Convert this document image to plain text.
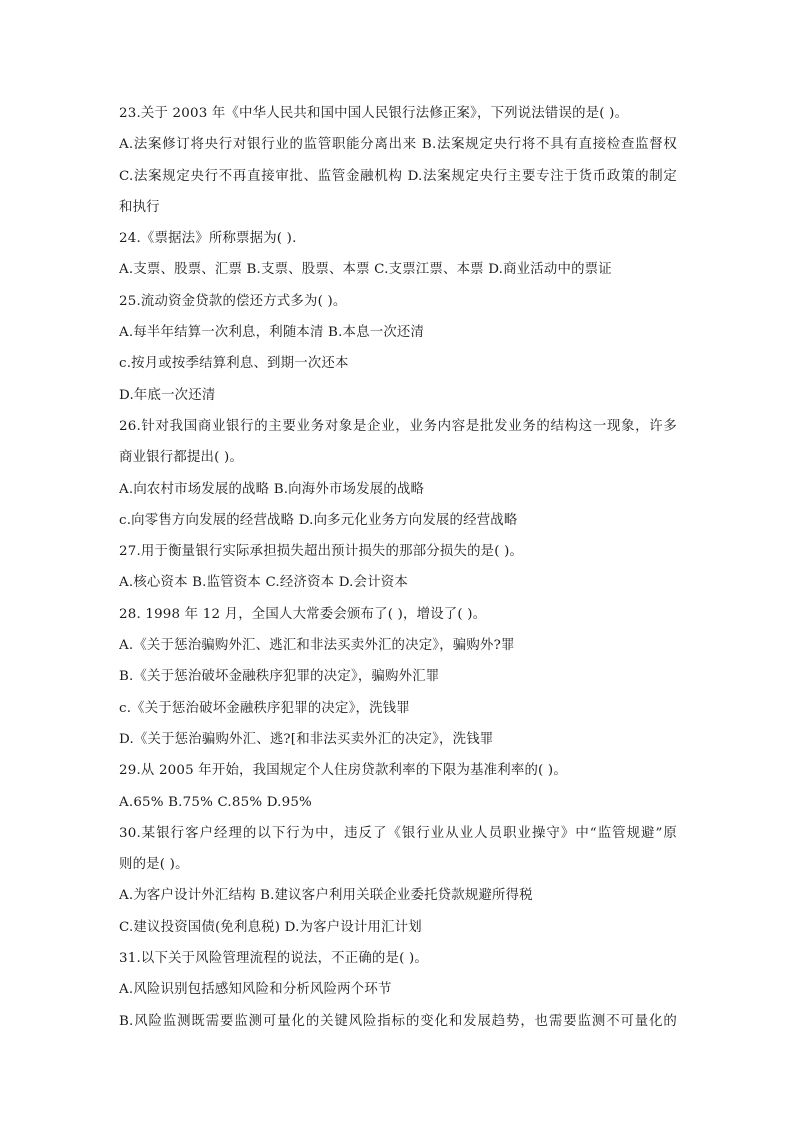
23.关于 2003 年《中华人民共和国中国人民银行法修正案》，下列说法错误的是( )。
A.法案修订将央行对银行业的监管职能分离出来 B.法案规定央行将不具有直接检查监督权
C.法案规定央行不再直接审批、监管金融机构 D.法案规定央行主要专注于货币政策的制定
和执行
24.《票据法》所称票据为( ).
A.支票、股票、汇票 B.支票、股票、本票 C.支票江票、本票 D.商业活动中的票证
25.流动资金贷款的偿还方式多为( )。
A.每半年结算一次利息，利随本清 B.本息一次还清
c.按月或按季结算利息、到期一次还本
D.年底一次还清
26.针对我国商业银行的主要业务对象是企业，业务内容是批发业务的结构这一现象，许多
商业银行都提出( )。
A.向农村市场发展的战略 B.向海外市场发展的战略
c.向零售方向发展的经营战略 D.向多元化业务方向发展的经营战略
27.用于衡量银行实际承担损失超出预计损失的那部分损失的是( )。
A.核心资本 B.监管资本 C.经济资本 D.会计资本
28. 1998 年 12 月，全国人大常委会颁布了( )，增设了( )。
A.《关于惩治骗购外汇、逃汇和非法买卖外汇的决定》，骗购外?罪
B.《关于惩治破坏金融秩序犯罪的决定》，骗购外汇罪
c.《关于惩治破坏金融秩序犯罪的决定》，洗钱罪
D.《关于惩治骗购外汇、逃?[和非法买卖外汇的决定》，洗钱罪
29.从 2005 年开始，我国规定个人住房贷款利率的下限为基准利率的( )。
A.65% B.75% C.85% D.95%
30.某银行客户经理的以下行为中，违反了《银行业从业人员职业操守》中“监管规避”原
则的是( )。
A.为客户设计外汇结构 B.建议客户利用关联企业委托贷款规避所得税
C.建议投资国债(免利息税) D.为客户设计用汇计划
31.以下关于风险管理流程的说法，不正确的是( )。
A.风险识别包括感知风险和分析风险两个环节
B.风险监测既需要监测可量化的关键风险指标的变化和发展趋势，也需要监测不可量化的
